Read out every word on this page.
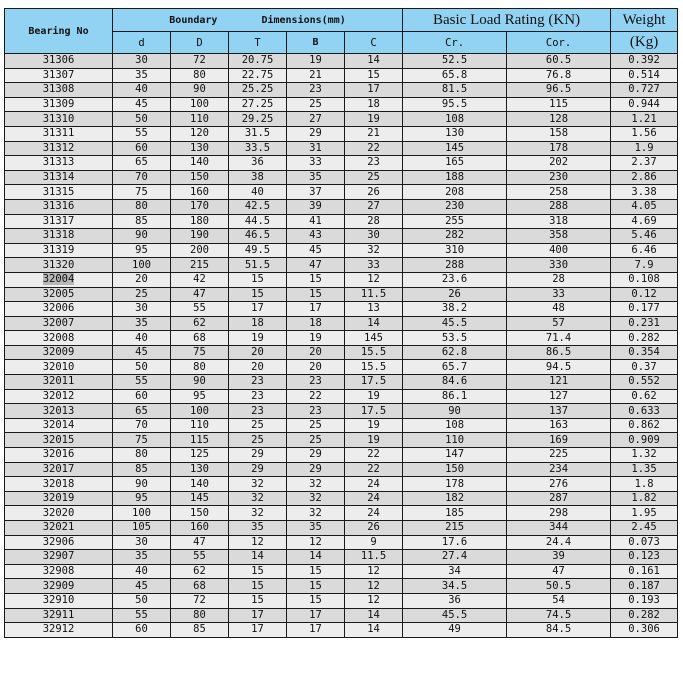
Bearing No	Boundary Dimensions(mm)					Basic Load Rating (KN)		Weight
	d	D	T	B	C	Cr.	Cor.	(Kg)
31306	30	72	20.75	19	14	52.5	60.5	0.392
31307	35	80	22.75	21	15	65.8	76.8	0.514
31308	40	90	25.25	23	17	81.5	96.5	0.727
31309	45	100	27.25	25	18	95.5	115	0.944
31310	50	110	29.25	27	19	108	128	1.21
31311	55	120	31.5	29	21	130	158	1.56
31312	60	130	33.5	31	22	145	178	1.9
31313	65	140	36	33	23	165	202	2.37
31314	70	150	38	35	25	188	230	2.86
31315	75	160	40	37	26	208	258	3.38
31316	80	170	42.5	39	27	230	288	4.05
31317	85	180	44.5	41	28	255	318	4.69
31318	90	190	46.5	43	30	282	358	5.46
31319	95	200	49.5	45	32	310	400	6.46
31320	100	215	51.5	47	33	288	330	7.9
32004	20	42	15	15	12	23.6	28	0.108
32005	25	47	15	15	11.5	26	33	0.12
32006	30	55	17	17	13	38.2	48	0.177
32007	35	62	18	18	14	45.5	57	0.231
32008	40	68	19	19	145	53.5	71.4	0.282
32009	45	75	20	20	15.5	62.8	86.5	0.354
32010	50	80	20	20	15.5	65.7	94.5	0.37
32011	55	90	23	23	17.5	84.6	121	0.552
32012	60	95	23	22	19	86.1	127	0.62
32013	65	100	23	23	17.5	90	137	0.633
32014	70	110	25	25	19	108	163	0.862
32015	75	115	25	25	19	110	169	0.909
32016	80	125	29	29	22	147	225	1.32
32017	85	130	29	29	22	150	234	1.35
32018	90	140	32	32	24	178	276	1.8
32019	95	145	32	32	24	182	287	1.82
32020	100	150	32	32	24	185	298	1.95
32021	105	160	35	35	26	215	344	2.45
32906	30	47	12	12	9	17.6	24.4	0.073
32907	35	55	14	14	11.5	27.4	39	0.123
32908	40	62	15	15	12	34	47	0.161
32909	45	68	15	15	12	34.5	50.5	0.187
32910	50	72	15	15	12	36	54	0.193
32911	55	80	17	17	14	45.5	74.5	0.282
32912	60	85	17	17	14	49	84.5	0.306
